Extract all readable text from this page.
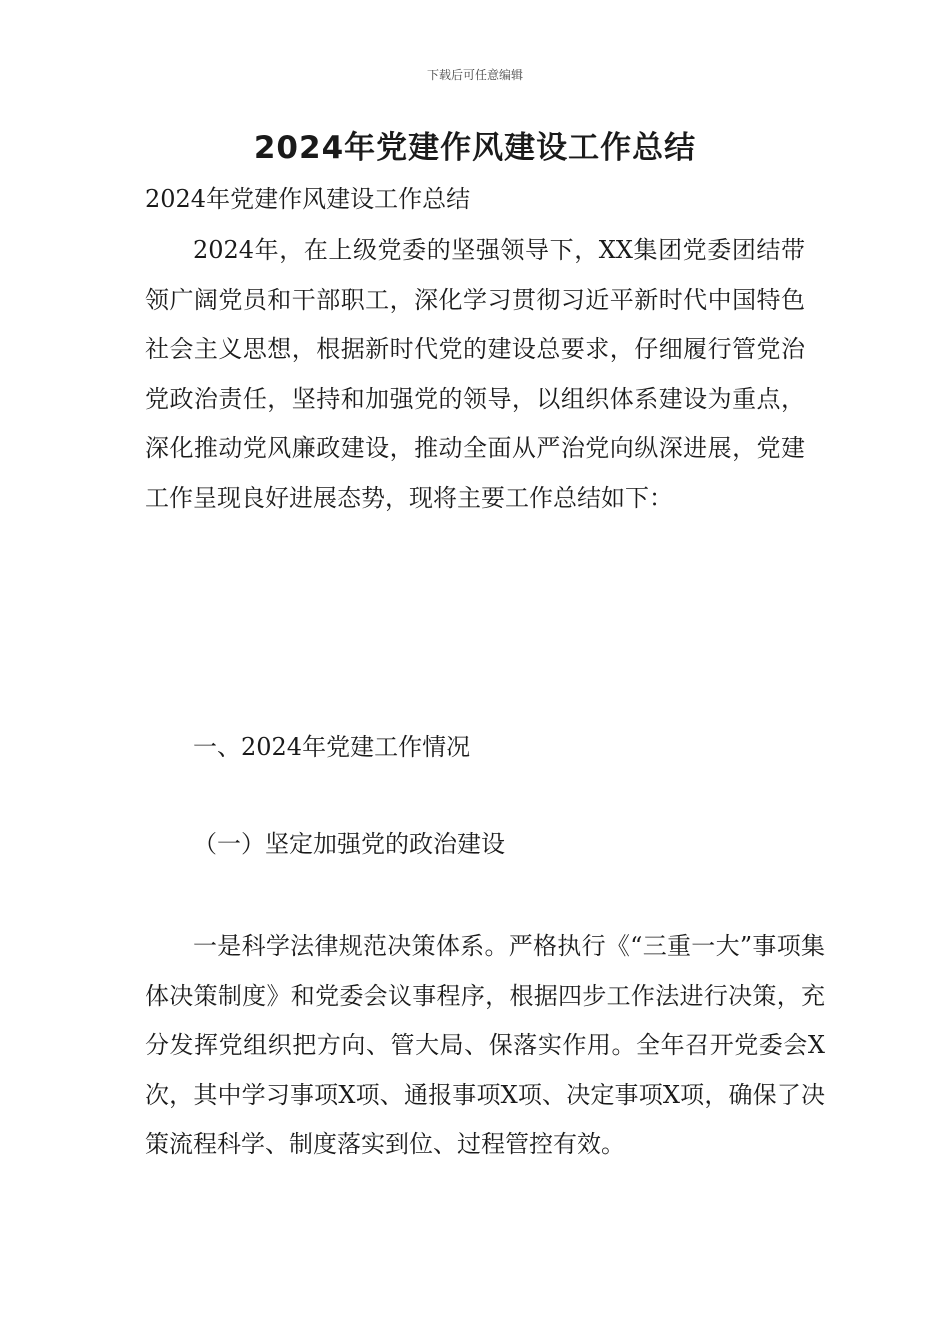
下载后可任意编辑
2024年党建作风建设工作总结
2024年党建作风建设工作总结

2024年，在上级党委的坚强领导下，XX集团党委团结带领广阔党员和干部职工，深化学习贯彻习近平新时代中国特色社会主义思想，根据新时代党的建设总要求，仔细履行管党治党政治责任，坚持和加强党的领导，以组织体系建设为重点，深化推动党风廉政建设，推动全面从严治党向纵深进展，党建工作呈现良好进展态势，现将主要工作总结如下：

一、2024年党建工作情况
（一）坚定加强党的政治建设

一是科学法律规范决策体系。严格执行《“三重一大”事项集体决策制度》和党委会议事程序，根据四步工作法进行决策，充分发挥党组织把方向、管大局、保落实作用。全年召开党委会X次，其中学习事项X项、通报事项X项、决定事项X项，确保了决策流程科学、制度落实到位、过程管控有效。
